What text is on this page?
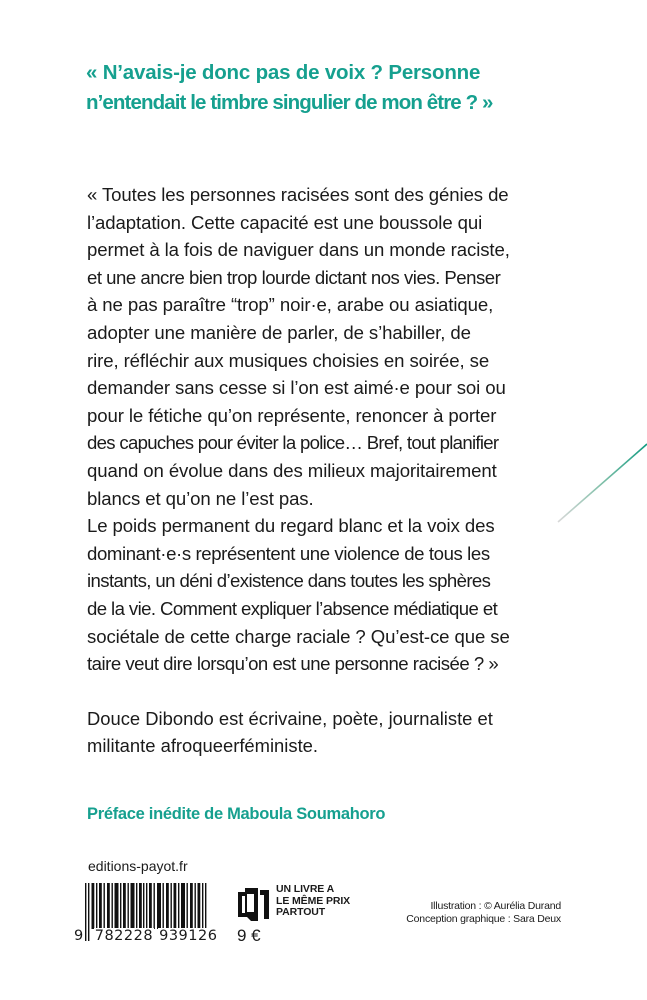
« N’avais-je donc pas de voix ? Personne
n’entendait le timbre singulier de mon être ? »
« Toutes les personnes racisées sont des génies de
l’adaptation. Cette capacité est une boussole qui
permet à la fois de naviguer dans un monde raciste,
et une ancre bien trop lourde dictant nos vies. Penser
à ne pas paraître “trop” noir·e, arabe ou asiatique,
adopter une manière de parler, de s’habiller, de
rire, réfléchir aux musiques choisies en soirée, se
demander sans cesse si l’on est aimé·e pour soi ou
pour le fétiche qu’on représente, renoncer à porter
des capuches pour éviter la police… Bref, tout planifier
quand on évolue dans des milieux majoritairement
blancs et qu’on ne l’est pas.
Le poids permanent du regard blanc et la voix des
dominant·e·s représentent une violence de tous les
instants, un déni d’existence dans toutes les sphères
de la vie. Comment expliquer l’absence médiatique et
sociétale de cette charge raciale ? Qu’est-ce que se
taire veut dire lorsqu’on est une personne racisée ? »
Douce Dibondo est écrivaine, poète, journaliste et
militante afroqueerféministe.
Préface inédite de Maboula Soumahoro
editions-payot.fr
9 782228 939126
UN LIVRE A
LE MÊME PRIX
PARTOUT
9 €
Illustration : © Aurélia Durand
Conception graphique : Sara Deux
